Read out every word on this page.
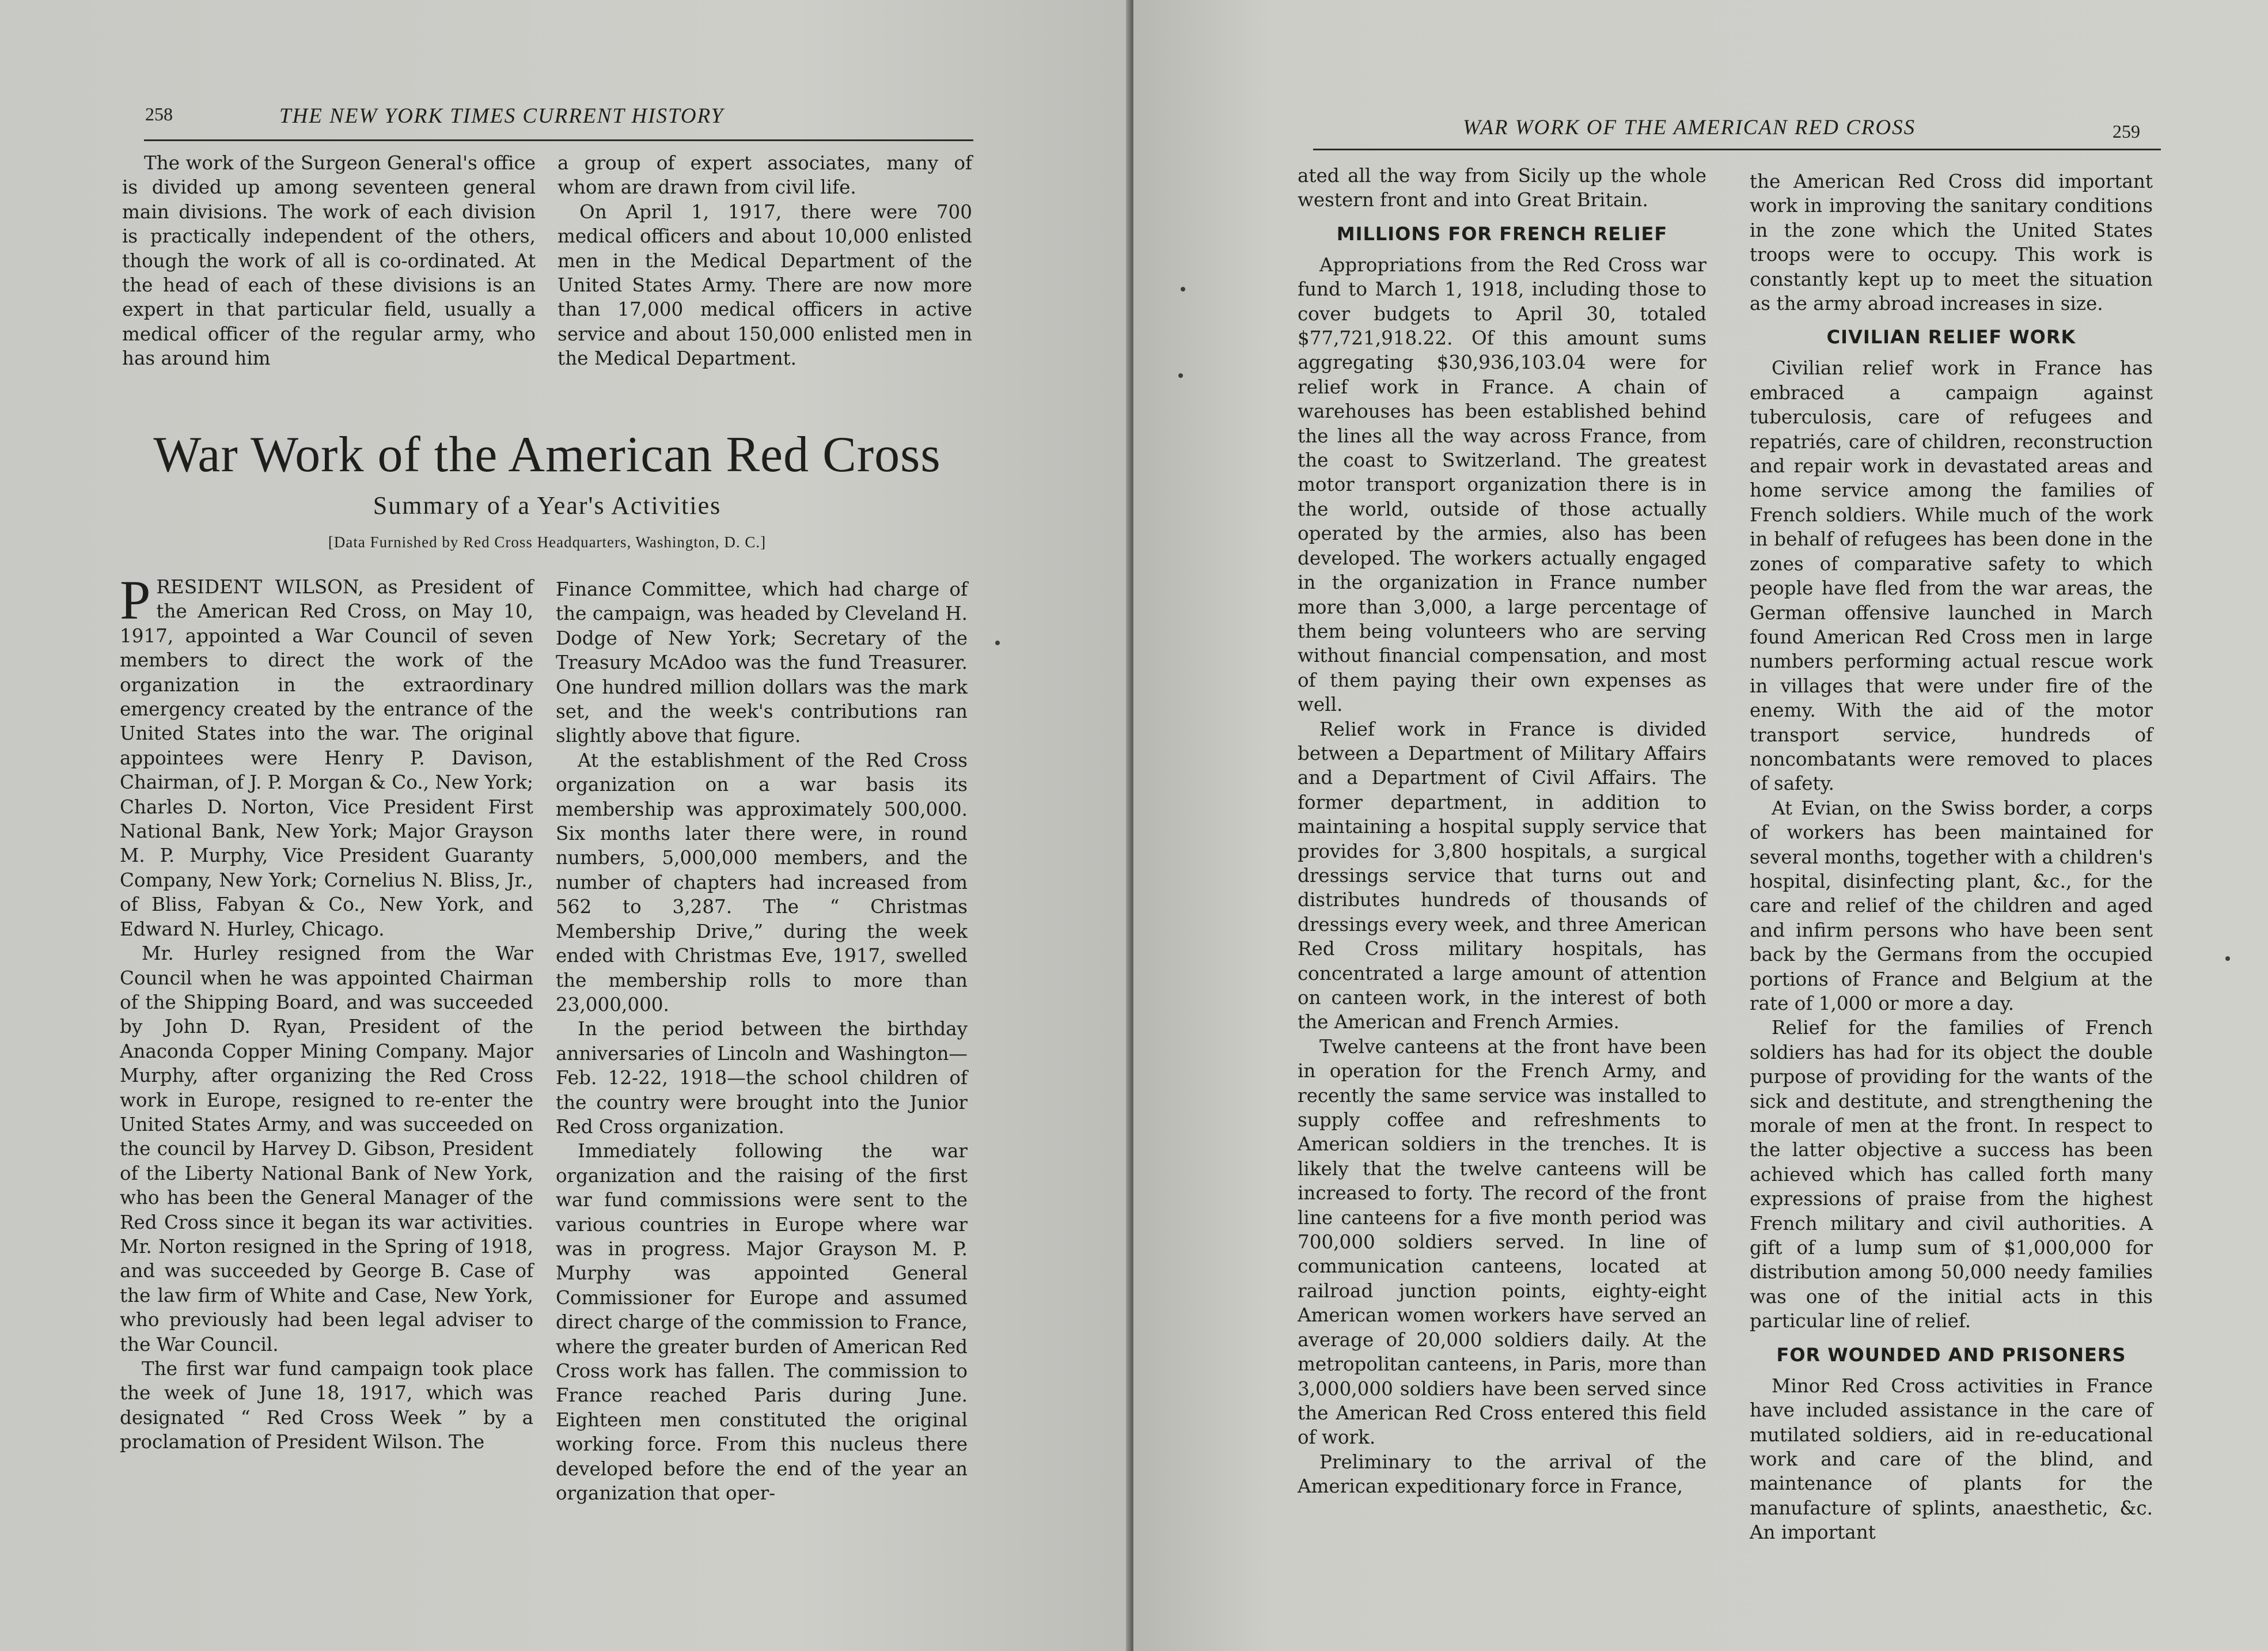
258	THE NEW YORK TIMES CURRENT HISTORY

The work of the Surgeon General's office is divided up among seventeen general main divisions. The work of each division is practically independent of the others, though the work of all is co-ordinated. At the head of each of these divisions is an expert in that particular field, usually a medical officer of the regular army, who has around him

a group of expert associates, many of whom are drawn from civil life.

On April 1, 1917, there were 700 medical officers and about 10,000 enlisted men in the Medical Department of the United States Army. There are now more than 17,000 medical officers in active service and about 150,000 enlisted men in the Medical Department.

War Work of the American Red Cross
Summary of a Year's Activities
[Data Furnished by Red Cross Headquarters, Washington, D. C.]

PRESIDENT WILSON, as President of the American Red Cross, on May 10, 1917, appointed a War Council of seven members to direct the work of the organization in the extraordinary emergency created by the entrance of the United States into the war. The original appointees were Henry P. Davison, Chairman, of J. P. Morgan & Co., New York; Charles D. Norton, Vice President First National Bank, New York; Major Grayson M. P. Murphy, Vice President Guaranty Company, New York; Cornelius N. Bliss, Jr., of Bliss, Fabyan & Co., New York, and Edward N. Hurley, Chicago.

Mr. Hurley resigned from the War Council when he was appointed Chairman of the Shipping Board, and was succeeded by John D. Ryan, President of the Anaconda Copper Mining Company. Major Murphy, after organizing the Red Cross work in Europe, resigned to re-enter the United States Army, and was succeeded on the council by Harvey D. Gibson, President of the Liberty National Bank of New York, who has been the General Manager of the Red Cross since it began its war activities. Mr. Norton resigned in the Spring of 1918, and was succeeded by George B. Case of the law firm of White and Case, New York, who previously had been legal adviser to the War Council.

The first war fund campaign took place the week of June 18, 1917, which was designated “ Red Cross Week ” by a proclamation of President Wilson. The

Finance Committee, which had charge of the campaign, was headed by Cleveland H. Dodge of New York; Secretary of the Treasury McAdoo was the fund Treasurer. One hundred million dollars was the mark set, and the week's contributions ran slightly above that figure.

At the establishment of the Red Cross organization on a war basis its membership was approximately 500,000. Six months later there were, in round numbers, 5,000,000 members, and the number of chapters had increased from 562 to 3,287. The “ Christmas Membership Drive,” during the week ended with Christmas Eve, 1917, swelled the membership rolls to more than 23,000,000.

In the period between the birthday anniversaries of Lincoln and Washington—Feb. 12-22, 1918—the school children of the country were brought into the Junior Red Cross organization.

Immediately following the war organization and the raising of the first war fund commissions were sent to the various countries in Europe where war was in progress. Major Grayson M. P. Murphy was appointed General Commissioner for Europe and assumed direct charge of the commission to France, where the greater burden of American Red Cross work has fallen. The commission to France reached Paris during June. Eighteen men constituted the original working force. From this nucleus there developed before the end of the year an organization that oper-

WAR WORK OF THE AMERICAN RED CROSS	259

ated all the way from Sicily up the whole western front and into Great Britain.

MILLIONS FOR FRENCH RELIEF

Appropriations from the Red Cross war fund to March 1, 1918, including those to cover budgets to April 30, totaled $77,721,918.22. Of this amount sums aggregating $30,936,103.04 were for relief work in France. A chain of warehouses has been established behind the lines all the way across France, from the coast to Switzerland. The greatest motor transport organization there is in the world, outside of those actually operated by the armies, also has been developed. The workers actually engaged in the organization in France number more than 3,000, a large percentage of them being volunteers who are serving without financial compensation, and most of them paying their own expenses as well.

Relief work in France is divided between a Department of Military Affairs and a Department of Civil Affairs. The former department, in addition to maintaining a hospital supply service that provides for 3,800 hospitals, a surgical dressings service that turns out and distributes hundreds of thousands of dressings every week, and three American Red Cross military hospitals, has concentrated a large amount of attention on canteen work, in the interest of both the American and French Armies.

Twelve canteens at the front have been in operation for the French Army, and recently the same service was installed to supply coffee and refreshments to American soldiers in the trenches. It is likely that the twelve canteens will be increased to forty. The record of the front line canteens for a five month period was 700,000 soldiers served. In line of communication canteens, located at railroad junction points, eighty-eight American women workers have served an average of 20,000 soldiers daily. At the metropolitan canteens, in Paris, more than 3,000,000 soldiers have been served since the American Red Cross entered this field of work.

Preliminary to the arrival of the American expeditionary force in France,

the American Red Cross did important work in improving the sanitary conditions in the zone which the United States troops were to occupy. This work is constantly kept up to meet the situation as the army abroad increases in size.

CIVILIAN RELIEF WORK

Civilian relief work in France has embraced a campaign against tuberculosis, care of refugees and repatriés, care of children, reconstruction and repair work in devastated areas and home service among the families of French soldiers. While much of the work in behalf of refugees has been done in the zones of comparative safety to which people have fled from the war areas, the German offensive launched in March found American Red Cross men in large numbers performing actual rescue work in villages that were under fire of the enemy. With the aid of the motor transport service, hundreds of noncombatants were removed to places of safety.

At Evian, on the Swiss border, a corps of workers has been maintained for several months, together with a children's hospital, disinfecting plant, &c., for the care and relief of the children and aged and infirm persons who have been sent back by the Germans from the occupied portions of France and Belgium at the rate of 1,000 or more a day.

Relief for the families of French soldiers has had for its object the double purpose of providing for the wants of the sick and destitute, and strengthening the morale of men at the front. In respect to the latter objective a success has been achieved which has called forth many expressions of praise from the highest French military and civil authorities. A gift of a lump sum of $1,000,000 for distribution among 50,000 needy families was one of the initial acts in this particular line of relief.

FOR WOUNDED AND PRISONERS

Minor Red Cross activities in France have included assistance in the care of mutilated soldiers, aid in re-educational work and care of the blind, and maintenance of plants for the manufacture of splints, anaesthetic, &c. An important
